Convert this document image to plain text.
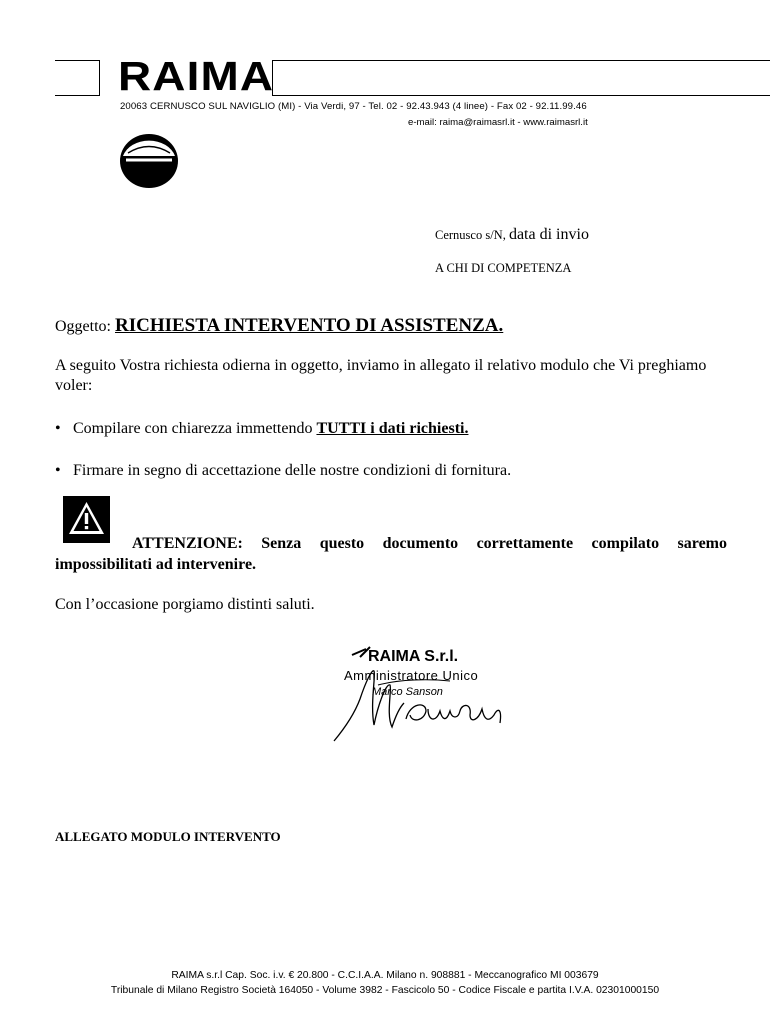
RAIMA
20063 CERNUSCO SUL NAVIGLIO (MI) - Via Verdi, 97 - Tel. 02 - 92.43.943 (4 linee) - Fax 02 - 92.11.99.46
e-mail: raima@raimasrl.it - www.raimasrl.it
Cernusco s/N, data di invio
A CHI DI COMPETENZA
Oggetto: RICHIESTA INTERVENTO DI ASSISTENZA.
A seguito Vostra richiesta odierna in oggetto, inviamo in allegato il relativo modulo che Vi preghiamo voler:
• Compilare con chiarezza immettendo TUTTI i dati richiesti.
• Firmare in segno di accettazione delle nostre condizioni di fornitura.
ATTENZIONE: Senza questo documento correttamente compilato saremo
impossibilitati ad intervenire.
Con l’occasione porgiamo distinti saluti.
RAIMA S.r.l.
Amministratore Unico
Marco Sanson
ALLEGATO MODULO INTERVENTO
RAIMA s.r.l Cap. Soc. i.v. € 20.800 - C.C.I.A.A. Milano n. 908881 - Meccanografico MI 003679
Tribunale di Milano Registro Società 164050 - Volume 3982 - Fascicolo 50 - Codice Fiscale e partita I.V.A. 02301000150
